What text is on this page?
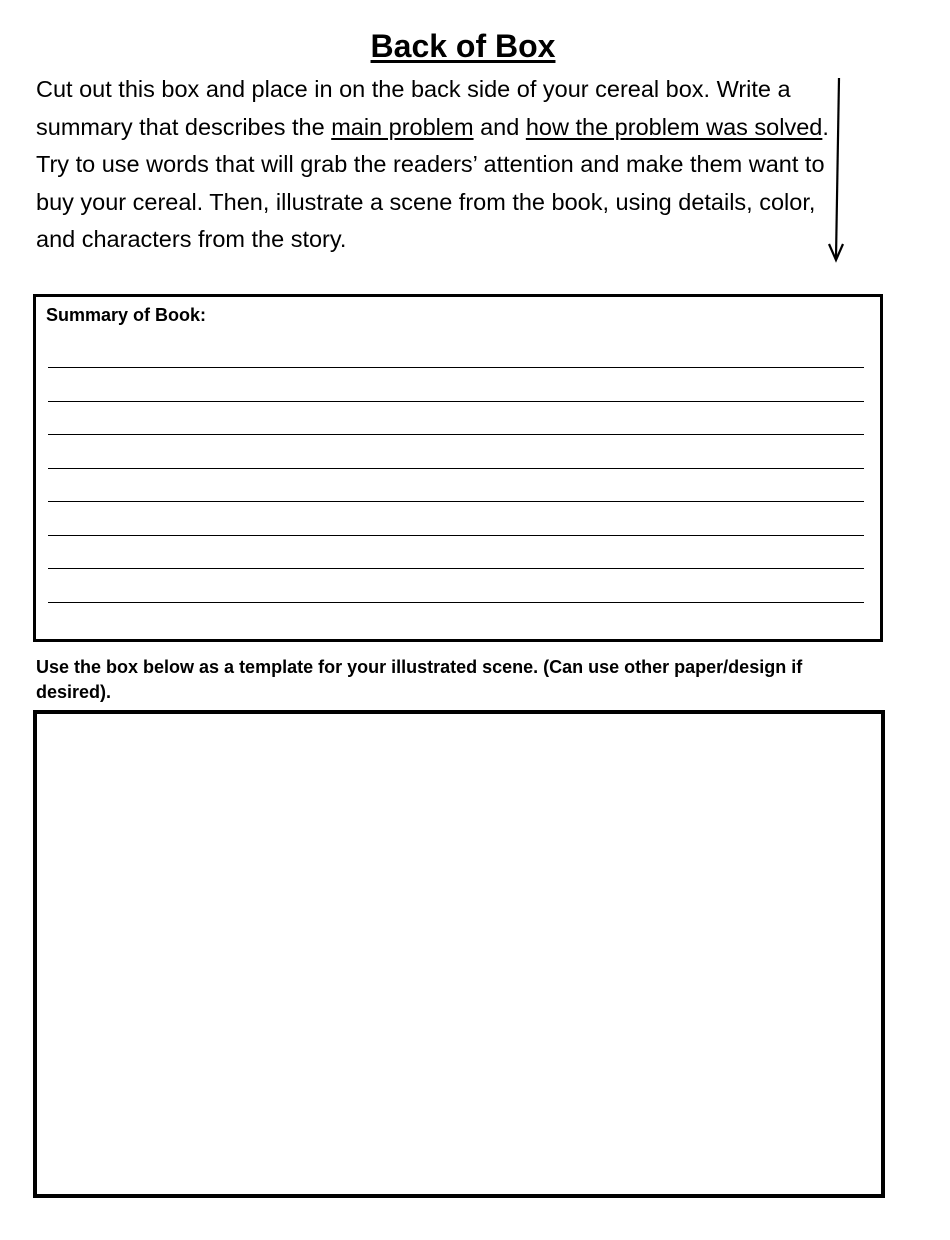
Back of Box
Cut out this box and place in on the back side of your cereal box. Write a summary that describes the main problem and how the problem was solved. Try to use words that will grab the readers’ attention and make them want to buy your cereal. Then, illustrate a scene from the book, using details, color, and characters from the story.
Summary of Book:
Use the box below as a template for your illustrated scene. (Can use other paper/design if desired).
